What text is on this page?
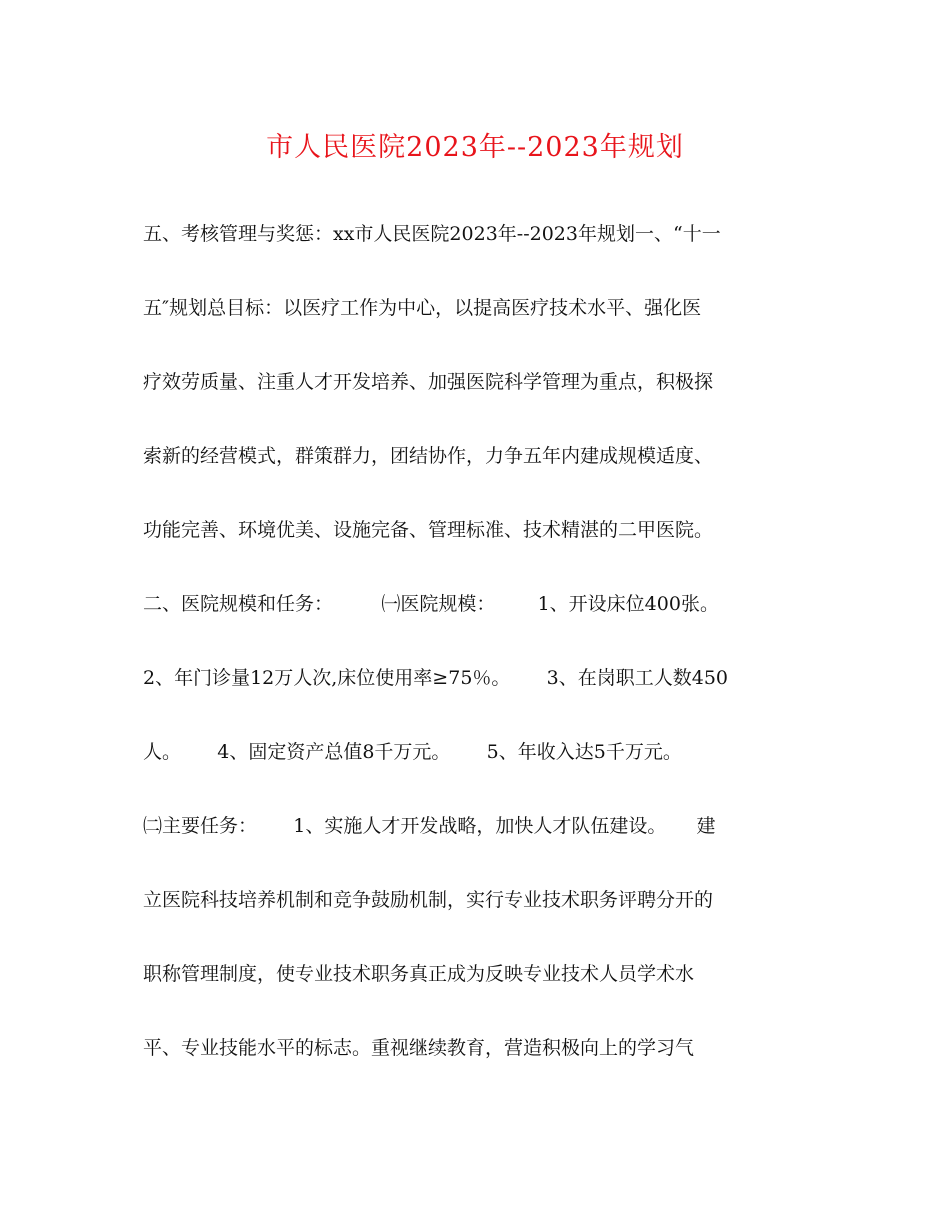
市人民医院2023年--2023年规划
五、考核管理与奖惩：xx市人民医院2023年--2023年规划一、“十一
五″规划总目标：以医疗工作为中心，以提高医疗技术水平、强化医
疗效劳质量、注重人才开发培养、加强医院科学管理为重点，积极探
索新的经营模式，群策群力，团结协作，力争五年内建成规模适度、
功能完善、环境优美、设施完备、管理标准、技术精湛的二甲医院。
二、医院规模和任务：        ㈠医院规模：       1、开设床位400张。
2、年门诊量12万人次,床位使用率≥75％。      3、在岗职工人数450
人。      4、固定资产总值8千万元。      5、年收入达5千万元。
㈡主要任务：      1、实施人才开发战略，加快人才队伍建设。     建
立医院科技培养机制和竞争鼓励机制，实行专业技术职务评聘分开的
职称管理制度，使专业技术职务真正成为反映专业技术人员学术水
平、专业技能水平的标志。重视继续教育，营造积极向上的学习气
